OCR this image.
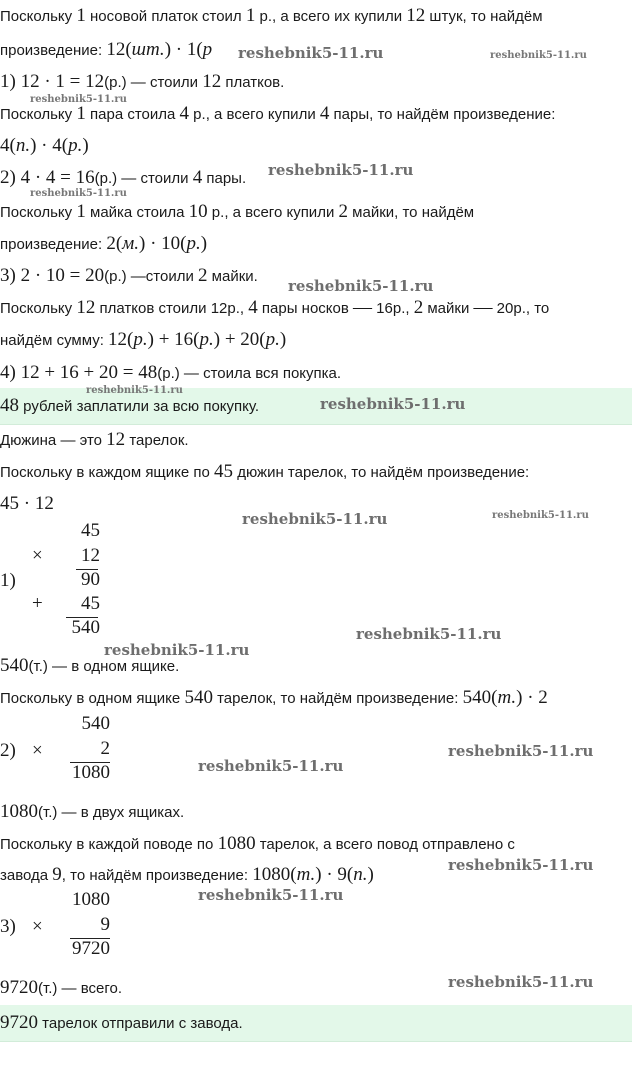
Поскольку 1 носовой платок стоил 1 р., а всего их купили 12 штук, то найдём
произведение: 12(шт.) · 1(р
1) 12 · 1 = 12(р.) — стоили 12 платков.
Поскольку 1 пара стоила 4 р., а всего купили 4 пары, то найдём произведение:
4(п.) · 4(р.)
2) 4 · 4 = 16(р.) — стоили 4 пары.
Поскольку 1 майка стоила 10 р., а всего купили 2 майки, то найдём
произведение: 2(м.) · 10(р.)
3) 2 · 10 = 20(р.) —стоили 2 майки.
Поскольку 12 платков стоили 12р., 4 пары носков — 16р., 2 майки — 20р., то
найдём сумму: 12(р.) + 16(р.) + 20(р.)
4) 12 + 16 + 20 = 48(р.) — стоила вся покупка.
48 рублей заплатили за всю покупку.
Дюжина — это 12 тарелок.
Поскольку в каждом ящике по 45 дюжин тарелок, то найдём произведение:
45 · 12
1)
45
×	12
90
+	45
540
540(т.) — в одном ящике.
Поскольку в одном ящике 540 тарелок, то найдём произведение: 540(т.) · 2
2) ×
540
2
1080
1080(т.) — в двух ящиках.
Поскольку в каждой поводе по 1080 тарелок, а всего повод отправлено с
завода 9, то найдём произведение: 1080(т.) · 9(п.)
3) ×
1080
9
9720
9720(т.) — всего.
9720 тарелок отправили с завода.
reshebnik5-11.ru	reshebnik5-11.ru
reshebnik5-11.ru
reshebnik5-11.ru
reshebnik5-11.ru
reshebnik5-11.ru
reshebnik5-11.ru
reshebnik5-11.ru
reshebnik5-11.ru	reshebnik5-11.ru
reshebnik5-11.ru
reshebnik5-11.ru
reshebnik5-11.ru
reshebnik5-11.ru
reshebnik5-11.ru
reshebnik5-11.ru
reshebnik5-11.ru
